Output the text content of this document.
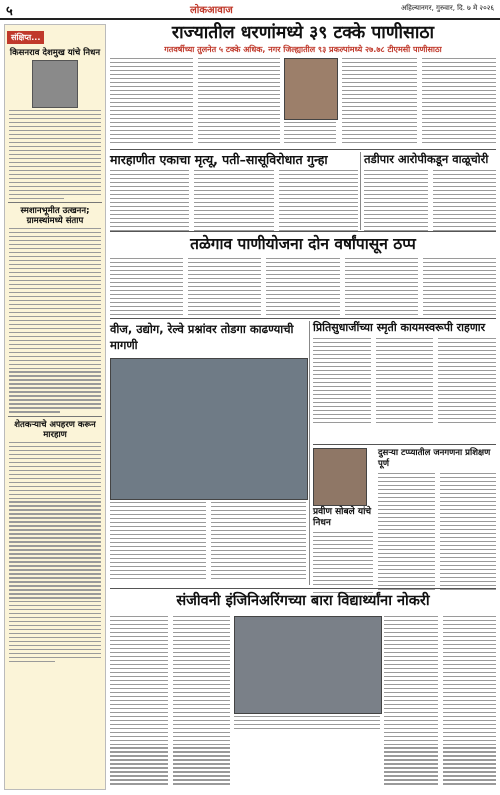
५	लोकआवाज	अहिल्यानगर, गुरुवार, दि. ७ मे २०२६
संक्षिप्त...
किसनराव देशमुख यांचे निधन
स्मशानभूमीत उत्खनन; ग्रामस्थांमध्ये संताप
शेतकऱ्याचे अपहरण करून मारहाण
राज्यातील धरणांमध्ये ३९ टक्के पाणीसाठा
गतवर्षीच्या तुलनेत ५ टक्के अधिक, नगर जिल्ह्यातील ९३ प्रकल्पांमध्ये २७.७८ टीएमसी पाणीसाठा
मारहाणीत एकाचा मृत्यू, पती–सासूविरोधात गुन्हा	तडीपार आरोपीकडून वाळूचोरी
तळेगाव पाणीयोजना दोन वर्षांपासून ठप्प
वीज, उद्योग, रेल्वे प्रश्नांवर तोडगा काढण्याची मागणी
प्रितिसुधाजींच्या स्मृती कायमस्वरूपी राहणार
प्रवीण सोबले यांचे निधन
दुसऱ्या टप्प्यातील जनगणना प्रशिक्षण पूर्ण
संजीवनी इंजिनिअरिंगच्या बारा विद्यार्थ्यांना नोकरी
